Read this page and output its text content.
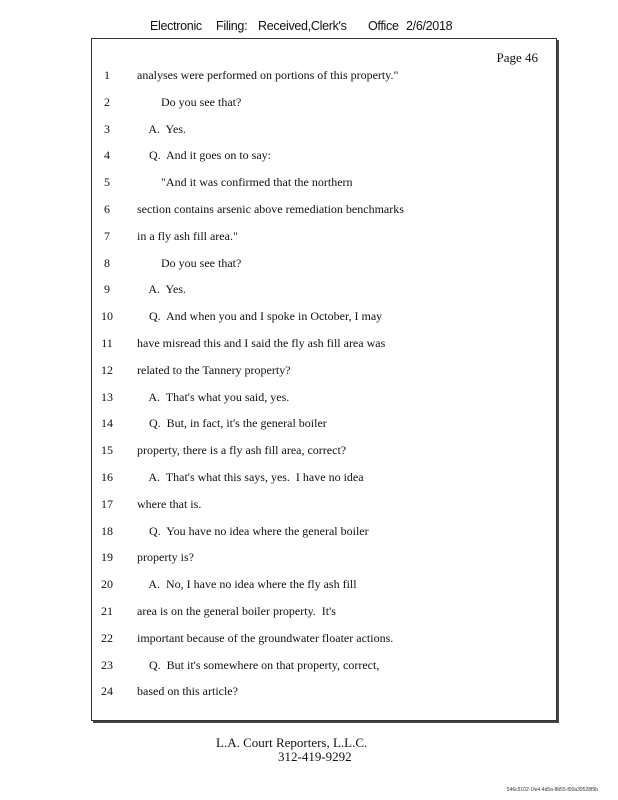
Electronic Filing: Received,Clerk's Office 2/6/2018
Page 46
1	analyses were performed on portions of this property."
2	Do you see that?
3	A.  Yes.
4	Q.  And it goes on to say:
5	"And it was confirmed that the northern
6	section contains arsenic above remediation benchmarks
7	in a fly ash fill area."
8	Do you see that?
9	A.  Yes.
10 Q.  And when you and I spoke in October, I may
11 have misread this and I said the fly ash fill area was
12 related to the Tannery property?
13 A.  That's what you said, yes.
14 Q.  But, in fact, it's the general boiler
15 property, there is a fly ash fill area, correct?
16 A.  That's what this says, yes.  I have no idea
17 where that is.
18 Q.  You have no idea where the general boiler
19 property is?
20 A.  No, I have no idea where the fly ash fill
21 area is on the general boiler property.  It's
22 important because of the groundwater floater actions.
23 Q.  But it's somewhere on that property, correct,
24 based on this article?
L.A. Court Reporters, L.L.C.
312-419-9292
546c5102-1fe4-4d5a-8b55-f00a39528f9b
